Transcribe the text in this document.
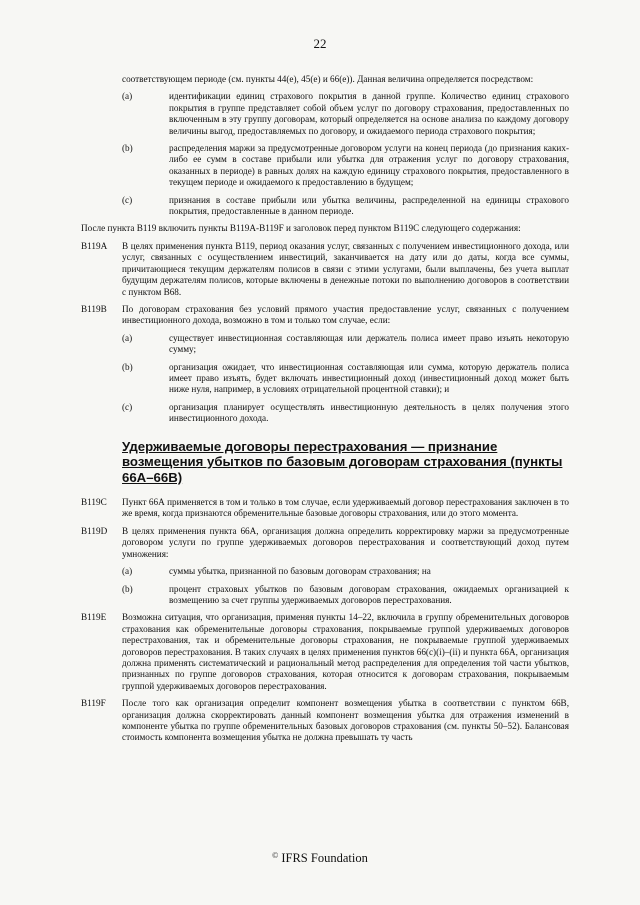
22

соответствующем периоде (см. пункты 44(е), 45(е) и 66(е)). Данная величина определяется посредством:

(а)	идентификации единиц страхового покрытия в данной группе. Количество единиц страхового покрытия в группе представляет собой объем услуг по договору страхования, предоставленных по включенным в эту группу договорам, который определяется на основе анализа по каждому договору величины выгод, предоставляемых по договору, и ожидаемого периода страхового покрытия;
(b)	распределения маржи за предусмотренные договором услуги на конец периода (до признания каких-либо ее сумм в составе прибыли или убытка для отражения услуг по договору страхования, оказанных в периоде) в равных долях на каждую единицу страхового покрытия, предоставленного в текущем периоде и ожидаемого к предоставлению в будущем;
(с)	признания в составе прибыли или убытка величины, распределенной на единицы страхового покрытия, предоставленные в данном периоде.

После пункта В119 включить пункты В119А-В119F и заголовок перед пунктом В119С следующего содержания:

В119А	В целях применения пункта В119, период оказания услуг, связанных с получением инвестиционного дохода, или услуг, связанных с осуществлением инвестиций, заканчивается на дату или до даты, когда все суммы, причитающиеся текущим держателям полисов в связи с этими услугами, были выплачены, без учета выплат будущим держателям полисов, которые включены в денежные потоки по выполнению договоров в соответствии с пунктом В68.
В119В	По договорам страхования без условий прямого участия предоставление услуг, связанных с получением инвестиционного дохода, возможно в том и только том случае, если:
(а)	существует инвестиционная составляющая или держатель полиса имеет право изъять некоторую сумму;
(b)	организация ожидает, что инвестиционная составляющая или сумма, которую держатель полиса имеет право изъять, будет включать инвестиционный доход (инвестиционный доход может быть ниже нуля, например, в условиях отрицательной процентной ставки); и
(с)	организация планирует осуществлять инвестиционную деятельность в целях получения этого инвестиционного дохода.
Удерживаемые договоры перестрахования — признание возмещения убытков по базовым договорам страхования (пункты 66А–66В)
В119С	Пункт 66А применяется в том и только в том случае, если удерживаемый договор перестрахования заключен в то же время, когда признаются обременительные базовые договоры страхования, или до этого момента.
В119D	В целях применения пункта 66А, организация должна определить корректировку маржи за предусмотренные договором услуги по группе удерживаемых договоров перестрахования и соответствующий доход путем умножения:
(а)	суммы убытка, признанной по базовым договорам страхования; на
(b)	процент страховых убытков по базовым договорам страхования, ожидаемых организацией к возмещению за счет группы удерживаемых договоров перестрахования.
В119Е	Возможна ситуация, что организация, применяя пункты 14–22, включила в группу обременительных договоров страхования как обременительные договоры страхования, покрываемые группой удерживаемых договоров перестрахования, так и обременительные договоры страхования, не покрываемые группой удерживаемых договоров перестрахования. В таких случаях в целях применения пунктов 66(с)(i)–(ii) и пункта 66А, организация должна применять систематический и рациональный метод распределения для определения той части убытков, признанных по группе договоров страхования, которая относится к договорам страхования, покрываемым группой удерживаемых договоров перестрахования.
В119F	После того как организация определит компонент возмещения убытка в соответствии с пунктом 66В, организация должна скорректировать данный компонент возмещения убытка для отражения изменений в компоненте убытка по группе обременительных базовых договоров страхования (см. пункты 50–52). Балансовая стоимость компонента возмещения убытка не должна превышать ту часть
© IFRS Foundation
